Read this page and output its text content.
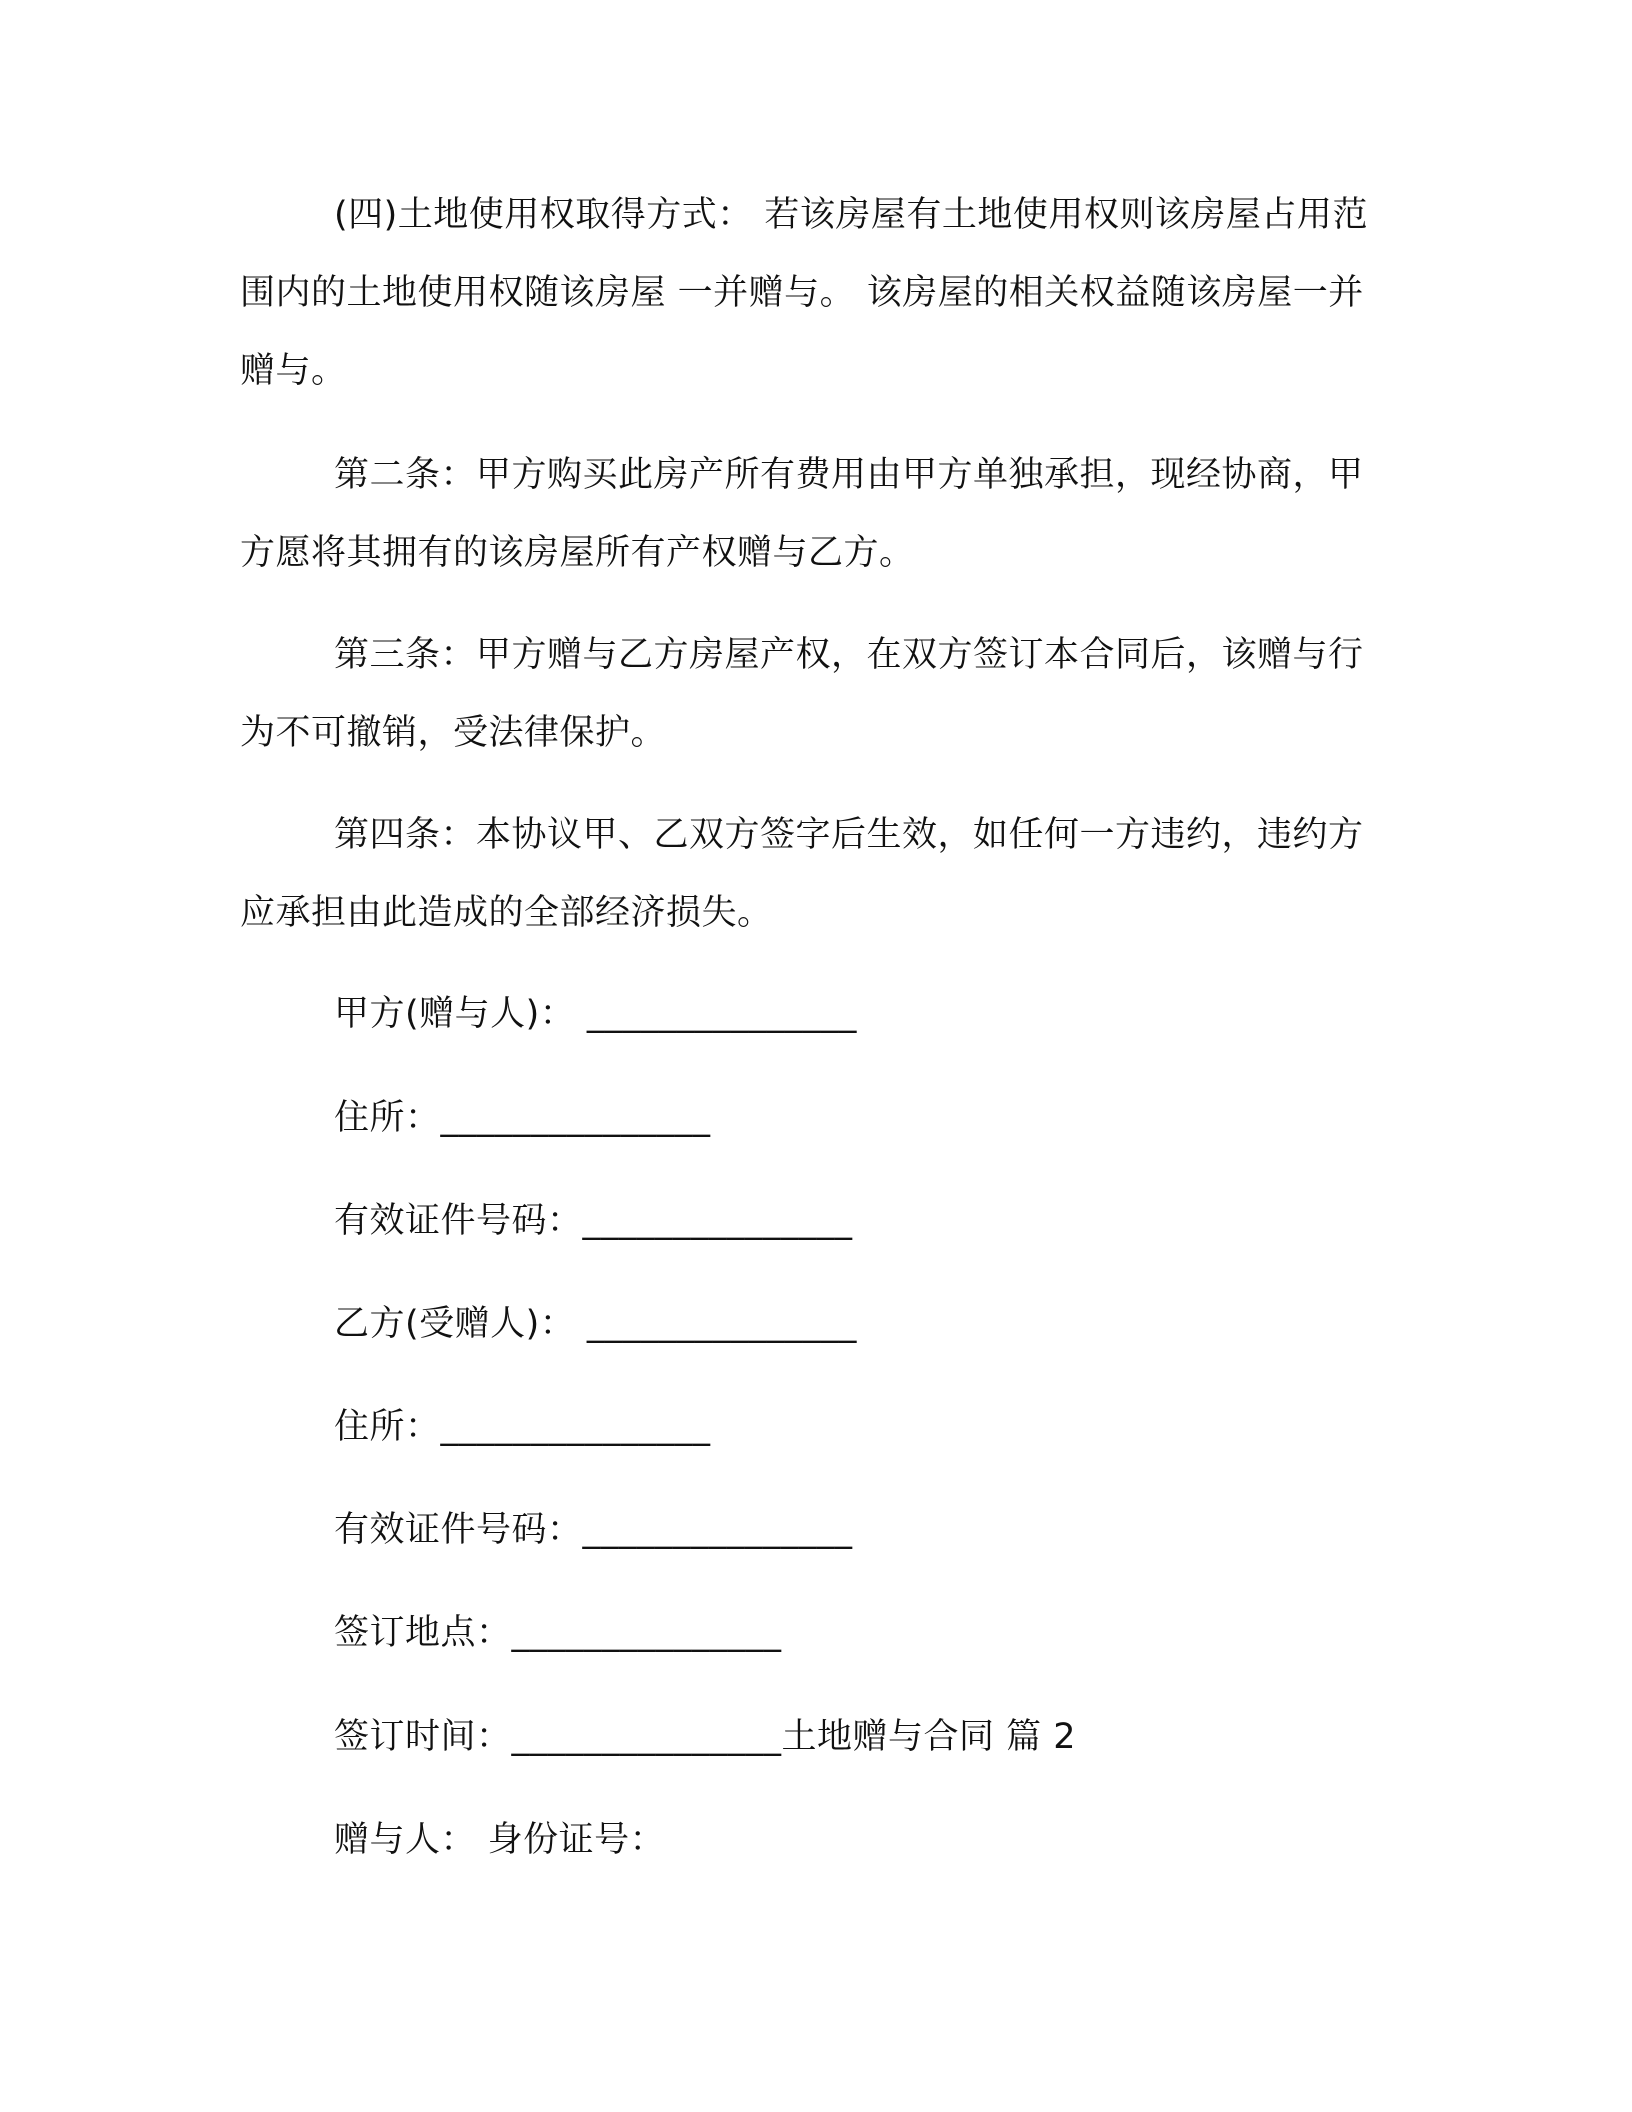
(四)土地使用权取得方式： 若该房屋有土地使用权则该房屋占用范围内的土地使用权随该房屋 一并赠与。 该房屋的相关权益随该房屋一并赠与。

第二条：甲方购买此房产所有费用由甲方单独承担，现经协商，甲方愿将其拥有的该房屋所有产权赠与乙方。

第三条：甲方赠与乙方房屋产权，在双方签订本合同后，该赠与行为不可撤销，受法律保护。

第四条：本协议甲、乙双方签字后生效，如任何一方违约，违约方应承担由此造成的全部经济损失。

甲方(赠与人)： _______________
住所：_______________
有效证件号码：_______________
乙方(受赠人)： _______________
住所：_______________
有效证件号码：_______________
签订地点：_______________
签订时间：_______________土地赠与合同 篇 2
赠与人： 身份证号：
